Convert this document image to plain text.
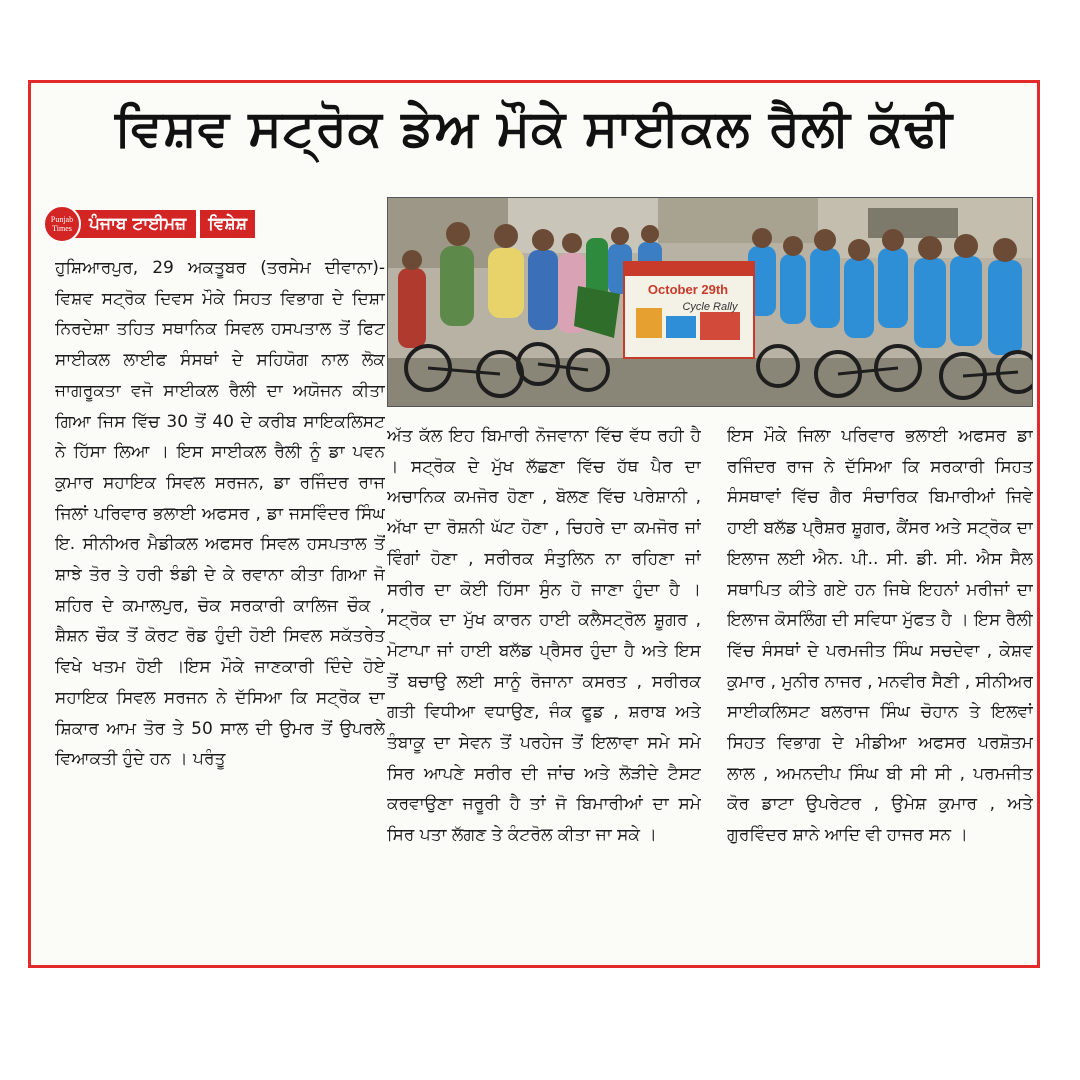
ਵਿਸ਼ਵ ਸਟ੍ਰੋਕ ਡੇਅ ਮੌਕੇ ਸਾਈਕਲ ਰੈਲੀ ਕੱਢੀ
Punjab Times	ਪੰਜਾਬ ਟਾਈਮਜ਼	ਵਿਸ਼ੇਸ਼
October 29th
Cycle Rally

ਹੁਸ਼ਿਆਰਪੁਰ, 29 ਅਕਤੂਬਰ (ਤਰਸੇਮ ਦੀਵਾਨਾ)-ਵਿਸ਼ਵ ਸਟ੍ਰੋਕ ਦਿਵਸ ਮੌਕੇ ਸਿਹਤ ਵਿਭਾਗ ਦੇ ਦਿਸ਼ਾ ਨਿਰਦੇਸ਼ਾ ਤਹਿਤ ਸਥਾਨਿਕ ਸਿਵਲ ਹਸਪਤਾਲ ਤੋਂ ਫਿਟ ਸਾਈਕਲ ਲਾਈਫ ਸੰਸਥਾਂ ਦੇ ਸਹਿਯੋਗ ਨਾਲ ਲੋਕ ਜਾਗਰੂਕਤਾ ਵਜੋ ਸਾਈਕਲ ਰੈਲੀ ਦਾ ਅਯੋਜਨ ਕੀਤਾ ਗਿਆ ਜਿਸ ਵਿੱਚ 30 ਤੋਂ 40 ਦੇ ਕਰੀਬ ਸਾਇਕਲਿਸਟ ਨੇ ਹਿੱਸਾ ਲਿਆ । ਇਸ ਸਾਈਕਲ ਰੈਲੀ ਨੂੰ ਡਾ ਪਵਨ ਕੁਮਾਰ ਸਹਾਇਕ ਸਿਵਲ ਸਰਜਨ, ਡਾ ਰਜਿੰਦਰ ਰਾਜ ਜਿਲਾਂ ਪਰਿਵਾਰ ਭਲਾਈ ਅਫਸਰ , ਡਾ ਜਸਵਿੰਦਰ ਸਿੰਘ ਇ. ਸੀਨੀਅਰ ਮੈਡੀਕਲ ਅਫਸਰ ਸਿਵਲ ਹਸਪਤਾਲ ਤੋਂ ਸ਼ਾਝੇ ਤੋਰ ਤੇ ਹਰੀ ਝੰਡੀ ਦੇ ਕੇ ਰਵਾਨਾ ਕੀਤਾ ਗਿਆ ਜੋ ਸ਼ਹਿਰ ਦੇ ਕਮਾਲਪੁਰ, ਚੋਕ ਸਰਕਾਰੀ ਕਾਲਿਜ ਚੌਕ , ਸ਼ੈਸ਼ਨ ਚੌਕ ਤੋਂ ਕੋਰਟ ਰੋਡ ਹੁੰਦੀ ਹੋਈ ਸਿਵਲ ਸਕੱਤਰੇਤ ਵਿਖੇ ਖਤਮ ਹੋਈ ।ਇਸ ਮੌਕੇ ਜਾਣਕਾਰੀ ਦਿੰਦੇ ਹੋਏ ਸਹਾਇਕ ਸਿਵਲ ਸਰਜਨ ਨੇ ਦੱਸਿਆ ਕਿ ਸਟ੍ਰੋਕ ਦਾ ਸ਼ਿਕਾਰ ਆਮ ਤੋਰ ਤੇ 50 ਸਾਲ ਦੀ ਉਮਰ ਤੋਂ ਉਪਰਲੇ ਵਿਆਕਤੀ ਹੁੰਦੇ ਹਨ । ਪਰੰਤੂ

ਅੱਤ ਕੱਲ ਇਹ ਬਿਮਾਰੀ ਨੋਜਵਾਨਾ ਵਿੱਚ ਵੱਧ ਰਹੀ ਹੈ । ਸਟ੍ਰੋਕ ਦੇ ਮੁੱਖ ਲੱਛਣਾ ਵਿੱਚ ਹੱਥ ਪੈਰ ਦਾ ਅਚਾਨਿਕ ਕਮਜੋਰ ਹੋਣਾ , ਬੋਲਣ ਵਿੱਚ ਪਰੇਸ਼ਾਨੀ , ਅੱਖਾ ਦਾ ਰੋਸ਼ਨੀ ਘੱਟ ਹੋਣਾ , ਚਿਹਰੇ ਦਾ ਕਮਜੋਰ ਜਾਂ ਵਿੰਗਾਂ ਹੋਣਾ , ਸਰੀਰਕ ਸੰਤੁਲਿਨ ਨਾ ਰਹਿਣਾ ਜਾਂ ਸਰੀਰ ਦਾ ਕੋਈ ਹਿੱਸਾ ਸੁੰਨ ਹੋ ਜਾਣਾ ਹੁੰਦਾ ਹੈ । ਸਟ੍ਰੋਕ ਦਾ ਮੁੱਖ ਕਾਰਨ ਹਾਈ ਕਲੈਸਟ੍ਰੋਲ ਸ਼ੂਗਰ , ਮੋਟਾਪਾ ਜਾਂ ਹਾਈ ਬਲੱਡ ਪ੍ਰੈਸਰ ਹੁੰਦਾ ਹੈ ਅਤੇ ਇਸ ਤੋਂ ਬਚਾਉ ਲਈ ਸਾਨੂੰ ਰੋਜਾਨਾ ਕਸਰਤ , ਸਰੀਰਕ ਗਤੀ ਵਿਧੀਆ ਵਧਾਉਣ, ਜੰਕ ਫੂਡ , ਸ਼ਰਾਬ ਅਤੇ ਤੰਬਾਕੂ ਦਾ ਸੇਵਨ ਤੋਂ ਪਰਹੇਜ ਤੋਂ ਇਲਾਵਾ ਸਮੇ ਸਮੇ ਸਿਰ ਆਪਣੇ ਸਰੀਰ ਦੀ ਜਾਂਚ ਅਤੇ ਲੋੜੀਦੇ ਟੈਸਟ ਕਰਵਾਉਣਾ ਜਰੂਰੀ ਹੈ ਤਾਂ ਜੋ ਬਿਮਾਰੀਆਂ ਦਾ ਸਮੇ ਸਿਰ ਪਤਾ ਲੱਗਣ ਤੇ ਕੰਟਰੋਲ ਕੀਤਾ ਜਾ ਸਕੇ ।

ਇਸ ਮੌਕੇ ਜਿਲਾ ਪਰਿਵਾਰ ਭਲਾਈ ਅਫਸਰ ਡਾ ਰਜਿੰਦਰ ਰਾਜ ਨੇ ਦੱਸਿਆ ਕਿ ਸਰਕਾਰੀ ਸਿਹਤ ਸੰਸਥਾਵਾਂ ਵਿੱਚ ਗੈਰ ਸੰਚਾਰਿਕ ਬਿਮਾਰੀਆਂ ਜਿਵੇ ਹਾਈ ਬਲੱਡ ਪ੍ਰੈਸ਼ਰ ਸ਼ੂਗਰ, ਕੈਂਸਰ ਅਤੇ ਸਟ੍ਰੋਕ ਦਾ ਇਲਾਜ ਲਈ ਐਨ. ਪੀ.. ਸੀ. ਡੀ. ਸੀ. ਐਸ ਸੈਲ ਸਥਾਪਿਤ ਕੀਤੇ ਗਏ ਹਨ ਜਿਥੇ ਇਹਨਾਂ ਮਰੀਜਾਂ ਦਾ ਇਲਾਜ ਕੋਸਲਿੰਗ ਦੀ ਸਵਿਧਾ ਮੁੱਫਤ ਹੈ । ਇਸ ਰੈਲੀ ਵਿੱਚ ਸੰਸਥਾਂ ਦੇ ਪਰਮਜੀਤ ਸਿੰਘ ਸਚਦੇਵਾ , ਕੇਸ਼ਵ ਕੁਮਾਰ , ਮੁਨੀਰ ਨਾਜਰ , ਮਨਵੀਰ ਸੈਣੀ , ਸੀਨੀਅਰ ਸਾਈਕਲਿਸਟ ਬਲਰਾਜ ਸਿੰਘ ਚੋਹਾਨ ਤੇ ਇਲਵਾਂ ਸਿਹਤ ਵਿਭਾਗ ਦੇ ਮੀਡੀਆ ਅਫਸਰ ਪਰਸ਼ੋਤਮ ਲਾਲ , ਅਮਨਦੀਪ ਸਿੰਘ ਬੀ ਸੀ ਸੀ , ਪਰਮਜੀਤ ਕੋਰ ਡਾਟਾ ਉਪਰੇਟਰ , ਉਮੇਸ਼ ਕੁਮਾਰ , ਅਤੇ ਗੁਰਵਿੰਦਰ ਸ਼ਾਨੇ ਆਦਿ ਵੀ ਹਾਜਰ ਸਨ ।
